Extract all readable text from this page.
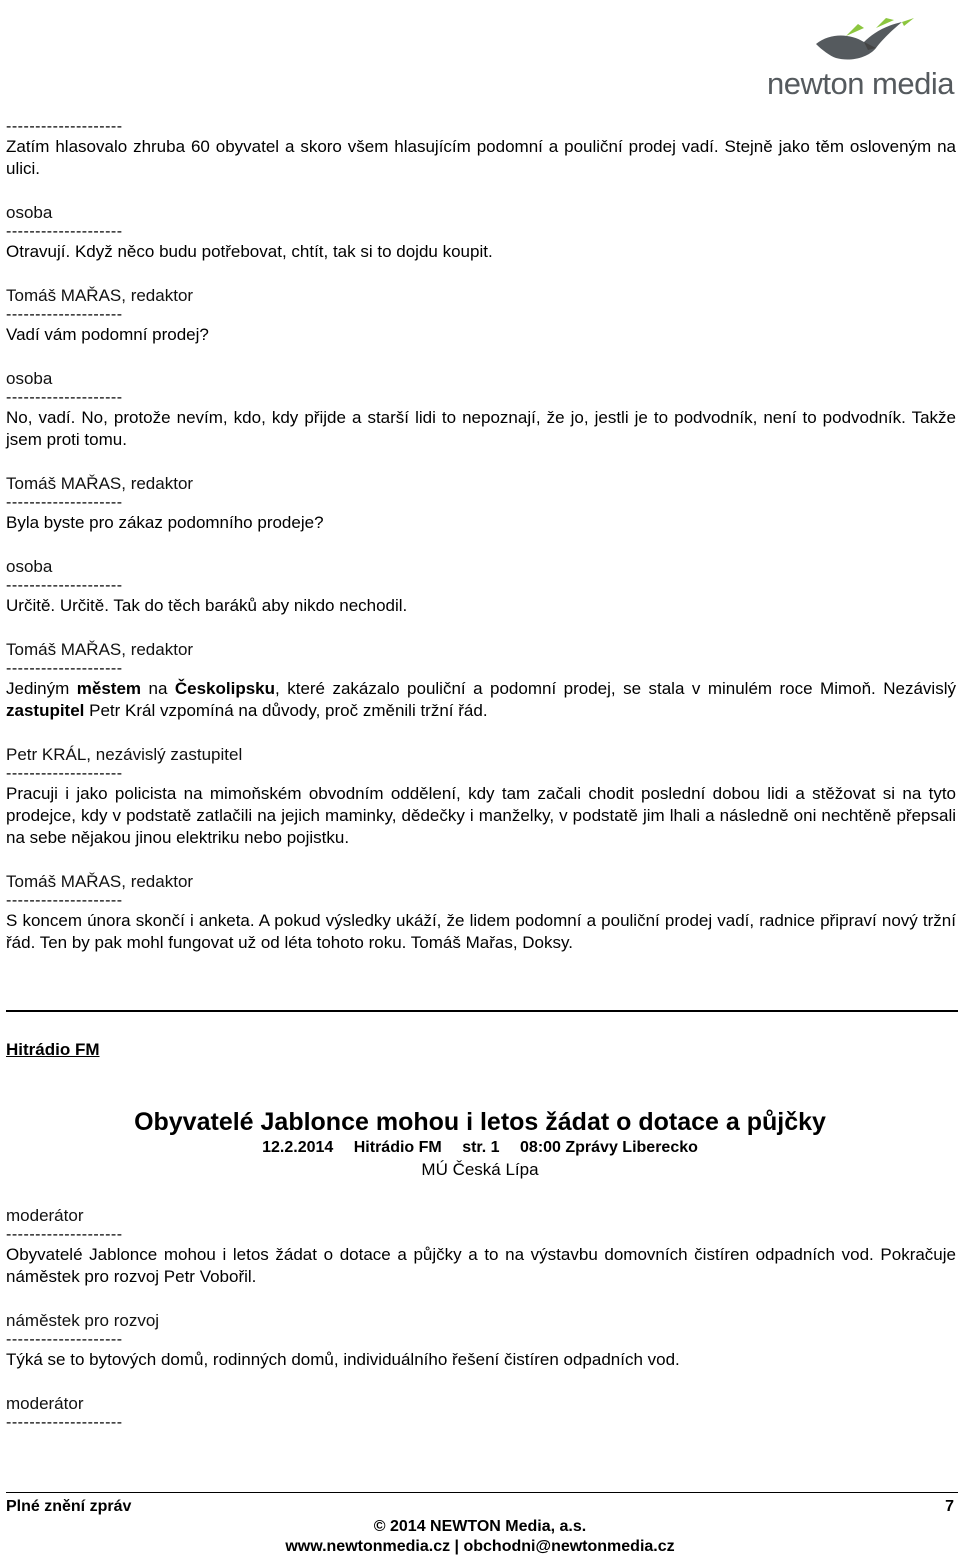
newton media
--------------------
Zatím hlasovalo zhruba 60 obyvatel a skoro všem hlasujícím podomní a pouliční prodej vadí. Stejně jako těm osloveným na ulici.
osoba
--------------------
Otravují. Když něco budu potřebovat, chtít, tak si to dojdu koupit.
Tomáš MAŘAS, redaktor
--------------------
Vadí vám podomní prodej?
osoba
--------------------
No, vadí. No, protože nevím, kdo, kdy přijde a starší lidi to nepoznají, že jo, jestli je to podvodník, není to podvodník. Takže jsem proti tomu.
Tomáš MAŘAS, redaktor
--------------------
Byla byste pro zákaz podomního prodeje?
osoba
--------------------
Určitě. Určitě. Tak do těch baráků aby nikdo nechodil.
Tomáš MAŘAS, redaktor
--------------------
Jediným městem na Českolipsku, které zakázalo pouliční a podomní prodej, se stala v minulém roce Mimoň. Nezávislý zastupitel Petr Král vzpomíná na důvody, proč změnili tržní řád.
Petr KRÁL, nezávislý zastupitel
--------------------
Pracuji i jako policista na mimoňském obvodním oddělení, kdy tam začali chodit poslední dobou lidi a stěžovat si na tyto prodejce, kdy v podstatě zatlačili na jejich maminky, dědečky i manželky, v podstatě jim lhali a následně oni nechtěně přepsali na sebe nějakou jinou elektriku nebo pojistku.
Tomáš MAŘAS, redaktor
--------------------
S koncem února skončí i anketa. A pokud výsledky ukáží, že lidem podomní a pouliční prodej vadí, radnice připraví nový tržní řád. Ten by pak mohl fungovat už od léta tohoto roku. Tomáš Mařas, Doksy.
Hitrádio FM
Obyvatelé Jablonce mohou i letos žádat o dotace a půjčky
12.2.2014 Hitrádio FM str. 1 08:00 Zprávy Liberecko
MÚ Česká Lípa
moderátor
--------------------
Obyvatelé Jablonce mohou i letos žádat o dotace a půjčky a to na výstavbu domovních čistíren odpadních vod. Pokračuje náměstek pro rozvoj Petr Vobořil.
náměstek pro rozvoj
--------------------
Týká se to bytových domů, rodinných domů, individuálního řešení čistíren odpadních vod.
moderátor
--------------------
Plné znění zpráv	7
© 2014 NEWTON Media, a.s.
www.newtonmedia.cz | obchodni@newtonmedia.cz
